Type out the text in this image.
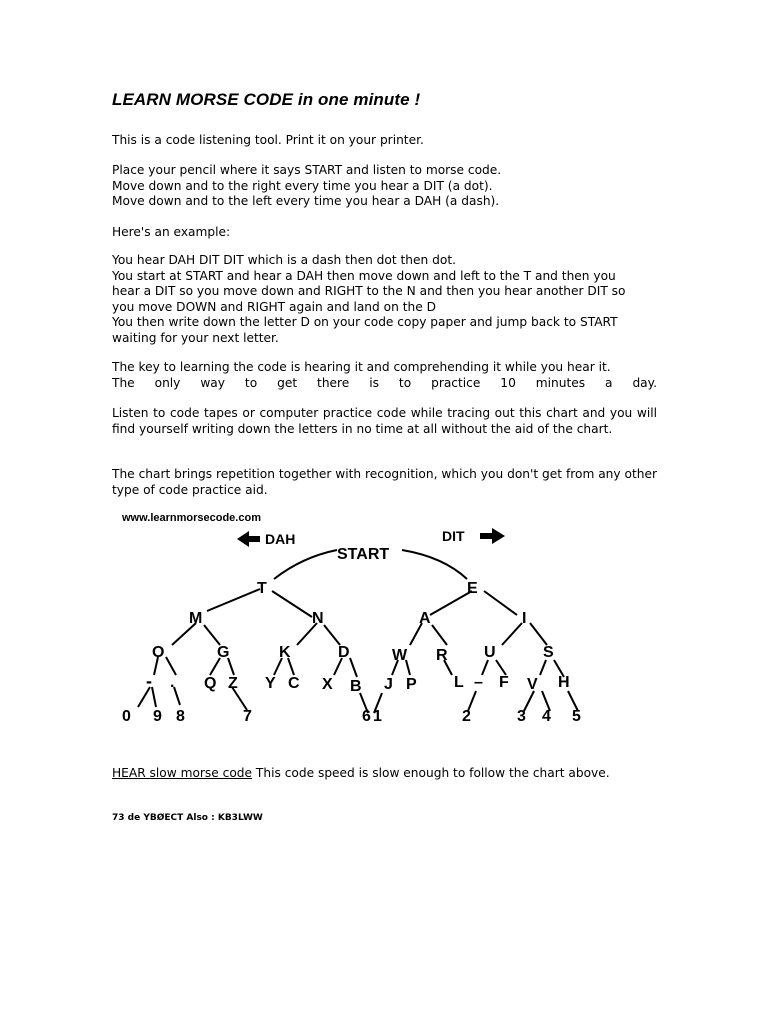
LEARN MORSE CODE in one minute !
This is a code listening tool. Print it on your printer.
Place your pencil where it says START and listen to morse code.
Move down and to the right every time you hear a DIT (a dot).
Move down and to the left every time you hear a DAH (a dash).
Here's an example:
You hear DAH DIT DIT which is a dash then dot then dot.
You start at START and hear a DAH then move down and left to the T and then you
hear a DIT so you move down and RIGHT to the N and then you hear another DIT so
you move DOWN and RIGHT again and land on the D
You then write down the letter D on your code copy paper and jump back to START
waiting for your next letter.
The key to learning the code is hearing it and comprehending it while you hear it.
The only way to get there is to practice 10 minutes a day.
Listen to code tapes or computer practice code while tracing out this chart and you will find yourself writing down the letters in no time at all without the aid of the chart.
The chart brings repetition together with recognition, which you don't get from any other type of code practice aid.
www.learnmorsecode.com
DAH	DIT
START
T	E
M	N	A	I
O	G	K	D	W R U	S
- . Q Z Y C X B J P L – F V H
0 9 8	7	6 1	2	3 4 5
HEAR slow morse code This code speed is slow enough to follow the chart above.
73 de YBØECT Also : KB3LWW
